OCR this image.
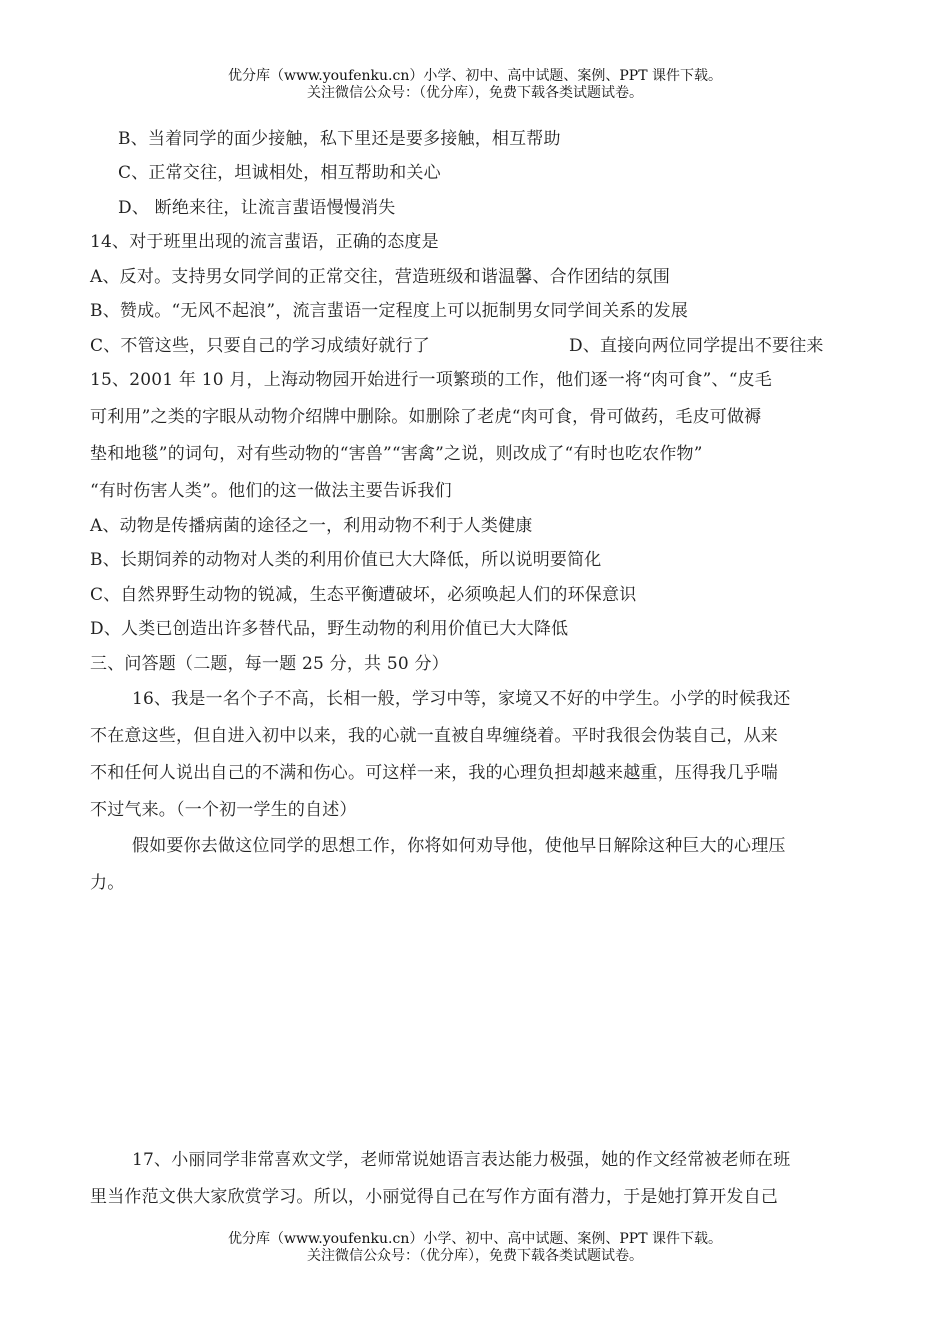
优分库（www.youfenku.cn）小学、初中、高中试题、案例、PPT 课件下载。
关注微信公众号：（优分库），免费下载各类试题试卷。
B、当着同学的面少接触，私下里还是要多接触，相互帮助
C、正常交往，坦诚相处，相互帮助和关心
D、 断绝来往，让流言蜚语慢慢消失
14、对于班里出现的流言蜚语，正确的态度是
A、反对。支持男女同学间的正常交往，营造班级和谐温馨、合作团结的氛围
B、赞成。“无风不起浪”，流言蜚语一定程度上可以扼制男女同学间关系的发展
C、不管这些，只要自己的学习成绩好就行了	D、直接向两位同学提出不要往来
15、2001 年 10 月，上海动物园开始进行一项繁琐的工作，他们逐一将“肉可食”、“皮毛
可利用”之类的字眼从动物介绍牌中删除。如删除了老虎“肉可食，骨可做药，毛皮可做褥
垫和地毯”的词句，对有些动物的“害兽”“害禽”之说，则改成了“有时也吃农作物”
“有时伤害人类”。他们的这一做法主要告诉我们
A、动物是传播病菌的途径之一，利用动物不利于人类健康
B、长期饲养的动物对人类的利用价值已大大降低，所以说明要简化
C、自然界野生动物的锐减，生态平衡遭破坏，必须唤起人们的环保意识
D、人类已创造出许多替代品，野生动物的利用价值已大大降低
三、问答题（二题，每一题 25 分，共 50 分）
16、我是一名个子不高，长相一般，学习中等，家境又不好的中学生。小学的时候我还
不在意这些，但自进入初中以来，我的心就一直被自卑缠绕着。平时我很会伪装自己，从来
不和任何人说出自己的不满和伤心。可这样一来，我的心理负担却越来越重，压得我几乎喘
不过气来。（一个初一学生的自述）
假如要你去做这位同学的思想工作，你将如何劝导他，使他早日解除这种巨大的心理压
力。
17、小丽同学非常喜欢文学，老师常说她语言表达能力极强，她的作文经常被老师在班
里当作范文供大家欣赏学习。所以，小丽觉得自己在写作方面有潜力，于是她打算开发自己
优分库（www.youfenku.cn）小学、初中、高中试题、案例、PPT 课件下载。
关注微信公众号：（优分库），免费下载各类试题试卷。
